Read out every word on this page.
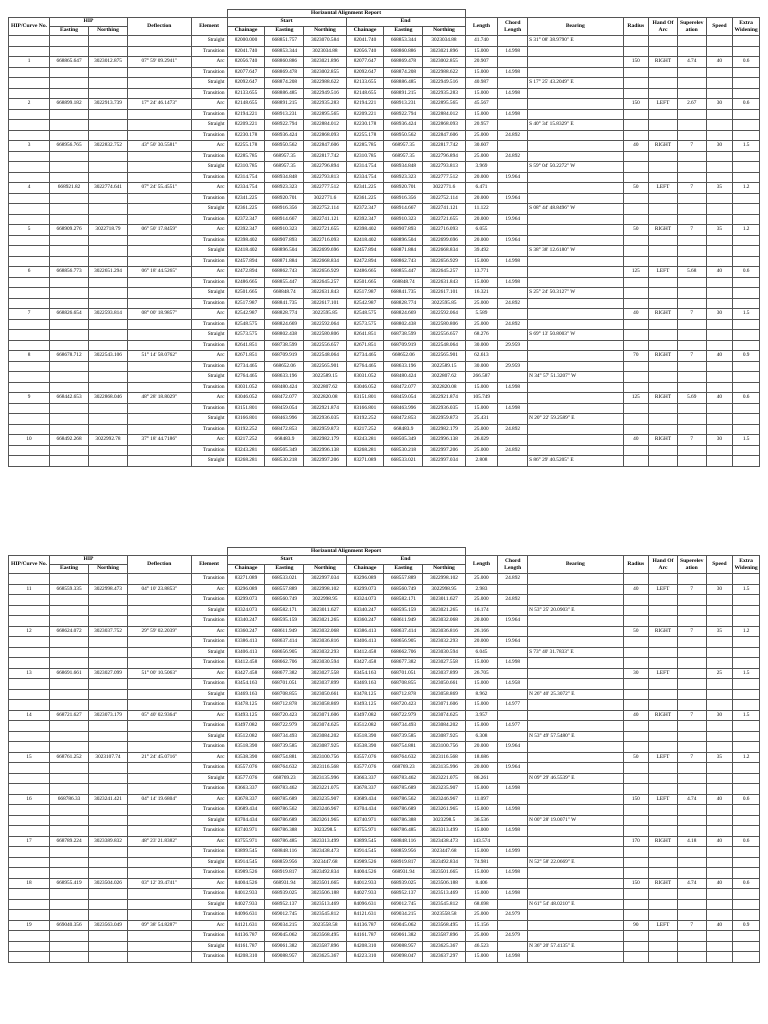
					Horizontal Alignment Report													
HIP/Curve No.	HIP		Deflection	Element	Start			End			Length	Chord Length	Bearing	Radius	Hand Of Arc	Superelev ation	Speed	Extra Widening
	Easting	Northing			Chainage	Easting	Northing	Chainage	Easting	Northing								
				Straight	82000.000	668851.757	3023070.584	82041.740	668853.344	3023034.88	41.740		S 31° 08' 38.9790" E					
				Transition	82041.740	668853.344	3023034.88	82056.740	668860.886	3023021.896	15.000	14.998						
1	668865.647	3023012.875	07° 59' 09.2941"	Arc	82056.740	668860.886	3023021.896	82077.647	668869.478	3023002.855	20.907			150	RIGHT	4.74	40	0.6
				Transition	82077.647	668869.478	3023002.855	82092.647	668874.208	3022988.622	15.000	14.998						
				Straight	82092.647	668874.208	3022988.622	82133.655	668886.485	3022949.516	40.987		S 17° 25' 43.2049" E					
				Transition	82133.655	668886.485	3022949.516	82148.655	668891.215	3022935.283	15.000	14.998						
2	668899.182	3022913.739	17° 24' 46.1473"	Arc	82148.655	668891.215	3022935.283	82194.221	668913.231	3022895.565	45.567			150	LEFT	2.67	30	0.6
				Transition	82194.221	668913.231	3022895.565	82209.221	668922.794	3022884.012	15.000	14.998						
				Straight	82209.221	668922.794	3022884.012	82230.178	668936.424	3022868.093	20.957		S 40° 34' 15.8329" E					
				Transition	82230.178	668936.424	3022868.093	82255.178	668950.562	3022847.606	25.000	24.892						
3	668956.765	3022832.752	43° 50' 30.5581"	Arc	82255.178	668950.562	3022847.606	82285.785	668957.35	3022817.742	30.607			40	RIGHT	7	30	1.5
				Transition	82285.785	668957.35	3022817.742	82310.785	668957.35	3022796.894	25.000	24.892						
				Straight	82310.785	668957.35	3022796.894	82314.754	668934.848	3022793.813	3.969		S 59° 04' 50.2272" W					
				Transition	82314.754	668934.848	3022793.813	82334.754	668923.323	3022777.512	20.000	19.964						
4	668921.82	3022774.641	07° 24' 55.4551"	Arc	82334.754	668923.323	3022777.512	82341.225	668920.701	3022771.6	6.471			50	LEFT	7	35	1.2
				Transition	82341.225	668920.701	3022771.6	82361.225	668916.356	3022752.114	20.000	19.964						
				Straight	82361.225	668916.356	3022752.114	82372.347	668914.667	3022741.121	11.122		S 08° 44' 48.8496" W					
				Transition	82372.347	668914.667	3022741.121	82392.347	668910.323	3022721.655	20.000	19.964						
5	668909.276	3022718.79	06° 50' 17.8459"	Arc	82392.347	668910.323	3022721.655	82398.402	668907.893	3022716.093	6.055			50	RIGHT	7	35	1.2
				Transition	82398.402	668907.893	3022716.093	82418.402	668896.504	3022699.696	20.000	19.964						
				Straight	82418.402	668896.504	3022699.696	82457.894	668871.884	3022668.834	39.492		S 38° 38' 12.6180" W					
				Transition	82457.894	668871.884	3022668.834	82472.894	668862.743	3022656.929	15.000	14.998						
6	668856.773	3022651.294	06° 18' 44.5265"	Arc	82472.894	668862.743	3022656.929	82486.665	668855.447	3022645.257	13.771			125	LEFT	5.68	40	0.6
				Transition	82486.665	668855.447	3022645.257	82501.665	668848.74	3022631.843	15.000	14.998						
				Straight	82501.665	668848.74	3022631.843	82517.987	668841.735	3022617.101	16.321		S 25° 24' 50.3127" W					
				Transition	82517.987	668841.735	3022617.101	82542.987	668828.774	3022595.85	25.000	24.892						
7	668826.654	3022593.814	08° 00' 18.9857"	Arc	82542.987	668828.774	3022595.85	82548.575	668824.669	3022592.064	5.589			40	RIGHT	7	30	1.5
				Transition	82548.575	668824.669	3022592.064	82573.575	668802.438	3022580.806	25.000	24.892						
				Straight	82573.575	668802.438	3022580.806	82641.851	668738.599	3022556.657	68.276		S 69° 13' 50.8003" W					
				Transition	82641.851	668738.599	3022556.657	82671.851	668709.919	3022548.064	30.000	29.959						
8	668678.712	3022543.106	51° 14' 58.0762"	Arc	82671.851	668709.919	3022548.064	82734.465	668652.06	3022565.901	62.613			70	RIGHT	7	40	0.9
				Transition	82734.465	668652.06	3022565.901	82764.465	668633.196	3022589.15	30.000	29.959						
				Straight	82764.465	668633.196	3022589.15	83031.052	668480.424	3022807.62	266.587		N 34° 57' 51.3207" W					
				Transition	83031.052	668480.424	3022807.62	83046.052	668472.077	3022820.08	15.000	14.998						
9	668442.653	3022868.046	48° 28' 18.8029"	Arc	83046.052	668472.077	3022820.08	83151.801	668459.054	3022921.874	105.749			125	RIGHT	5.69	40	0.6
				Transition	83151.801	668459.054	3022921.874	83166.801	668463.996	3022936.035	15.000	14.998						
				Straight	83166.801	668463.996	3022936.035	83192.252	668472.853	3022959.873	25.431		N 20° 22' 59.2589" E					
				Transition	83192.252	668472.853	3022959.873	83217.252	668483.9	3022982.179	25.000	24.892						
10	668492.268	3022992.78	37° 18' 44.7186"	Arc	83217.252	668483.9	3022982.179	83243.281	668505.349	3022996.138	26.029			40	RIGHT	7	30	1.5
				Transition	83243.281	668505.349	3022996.138	83268.281	668530.218	3022997.206	25.000	24.892						
				Straight	83268.281	668530.218	3022997.206	83271.089	668533.021	3022997.034	2.808		S 86° 29' 40.5205" E					
					Horizontal Alignment Report													
HIP/Curve No.	HIP		Deflection	Element	Start			End			Length	Chord Length	Bearing	Radius	Hand Of Arc	Superelev ation	Speed	Extra Widening
	Easting	Northing			Chainage	Easting	Northing	Chainage	Easting	Northing								
				Transition	83271.089	668533.021	3022997.034	83296.089	668557.889	3022998.102	25.000	24.892						
11	668559.335	3022998.473	04° 10' 23.8853"	Arc	83296.089	668557.889	3022998.102	83299.073	668560.749	3022998.95	2.983			40	LEFT	7	30	1.5
				Transition	83299.073	668560.749	3022998.95	83324.073	668582.171	3023011.627	25.000	24.892						
				Straight	83324.073	668582.171	3023011.627	83340.247	668595.159	3023021.265	16.174		N 53° 25' 20.0903" E					
				Transition	83340.247	668595.159	3023021.265	83360.247	668611.949	3023032.068	20.000	19.964						
12	668624.072	3023037.752	29° 59' 02.2039"	Arc	83360.247	668611.949	3023032.068	83386.413	668637.414	3023036.816	26.166			50	RIGHT	7	35	1.2
				Transition	83386.413	668637.414	3023036.816	83406.413	668656.905	3023032.293	20.000	19.964						
				Straight	83406.413	668656.905	3023032.293	83412.458	668662.706	3023030.594	6.045		S 73° 40' 31.7833" E					
				Transition	83412.458	668662.706	3023030.594	83427.458	668677.382	3023027.558	15.000	14.998						
13	668691.661	3023027.099	51° 00' 10.5063"	Arc	83427.458	668677.382	3023027.558	83454.163	668701.051	3023037.899	26.705			30	LEFT		25	1.5
				Transition	83454.163	668701.051	3023037.899	83469.163	668708.855	3023050.661	15.000	14.958						
				Straight	83469.163	668708.855	3023050.661	83478.125	668712.878	3023058.869	8.962		N 26° 40' 25.3072" E					
				Transition	83478.125	668712.878	3023058.869	83493.125	668720.423	3023071.606	15.000	14.977						
14	668721.627	3023073.179	05° 40' 02.9364"	Arc	83493.125	668720.423	3023071.606	83497.082	668722.979	3023074.625	3.957			40	RIGHT	7	30	1.5
				Transition	83497.082	668722.979	3023074.625	83512.082	668734.493	3023084.202	15.000	14.977						
				Straight	83512.082	668734.493	3023084.202	83518.390	668739.585	3023087.925	6.308		N 53° 49' 57.5480" E					
				Transition	83518.390	668739.585	3023087.925	83538.390	668754.881	3023100.756	20.000	19.964						
15	668761.252	3023107.74	21° 24' 45.0716"	Arc	83538.390	668754.881	3023100.756	83557.076	668764.632	3023116.568	18.686			50	LEFT	7	35	1.2
				Transition	83557.076	668764.632	3023116.568	83577.076	668769.23	3023135.996	20.000	19.964						
				Straight	83577.076	668769.23	3023135.996	83663.337	668783.462	3023221.075	86.261		N 09° 29' 46.5539" E					
				Transition	83663.337	668783.462	3023221.075	83678.337	668785.689	3023235.907	15.000	14.998						
16	668786.33	3023241.421	04° 14' 19.6804"	Arc	83678.337	668785.689	3023235.907	83689.434	668786.562	3023246.967	11.097			150	LEFT	4.74	40	0.6
				Transition	83689.434	668786.562	3023246.967	83704.434	668786.689	3023261.965	15.000	14.998						
				Straight	83704.434	668786.689	3023261.965	83740.971	668786.388	3023298.5	36.536		N 00° 28' 19.0071" W					
				Transition	83740.971	668786.388	3023298.5	83755.971	668786.485	3023313.499	15.000	14.998						
17	668789.224	3023389.832	48° 23' 21.8382"	Arc	83755.971	668786.485	3023313.499	83899.545	668848.116	3023438.473	143.574			170	RIGHT	4.18	40	0.6
				Transition	83899.545	668848.116	3023438.473	83914.545	668859.956	3023447.68	15.000	14.999						
				Straight	83914.545	668859.956	3023447.68	83989.526	668919.817	3023492.834	74.981		N 52° 58' 22.0669" E					
				Transition	83989.526	668919.817	3023492.834	84004.526	668931.94	3023501.665	15.000	14.998						
18	668955.419	3023504.026	03° 12' 39.4741"	Arc	84004.526	668931.94	3023501.665	84012.933	668939.025	3023506.188	8.406			150	RIGHT	4.74	40	0.6
				Transition	84012.933	668939.025	3023506.188	84027.933	668952.137	3023513.469	15.000	14.998						
				Straight	84027.933	668952.137	3023513.469	84096.631	669012.745	3023545.812	68.698		N 61° 54' 48.0210" E					
				Transition	84096.631	669012.745	3023545.812	84121.631	669034.215	3023558.58	25.000	24.979						
19	669040.356	3023563.049	09° 38' 54.8287"	Arc	84121.631	669034.215	3023558.58	84136.787	669045.062	3023568.495	15.156			90	LEFT	7	40	0.9
				Transition	84136.787	669045.062	3023568.495	84161.787	669061.382	3023587.896	25.000	24.979						
				Straight	84161.787	669061.382	3023587.896	84208.310	669088.957	3023625.367	46.523		N 36° 20' 57.4135" E					
				Transition	84208.310	669088.957	3023625.367	84223.310	669098.047	3023637.297	15.000	14.998						
